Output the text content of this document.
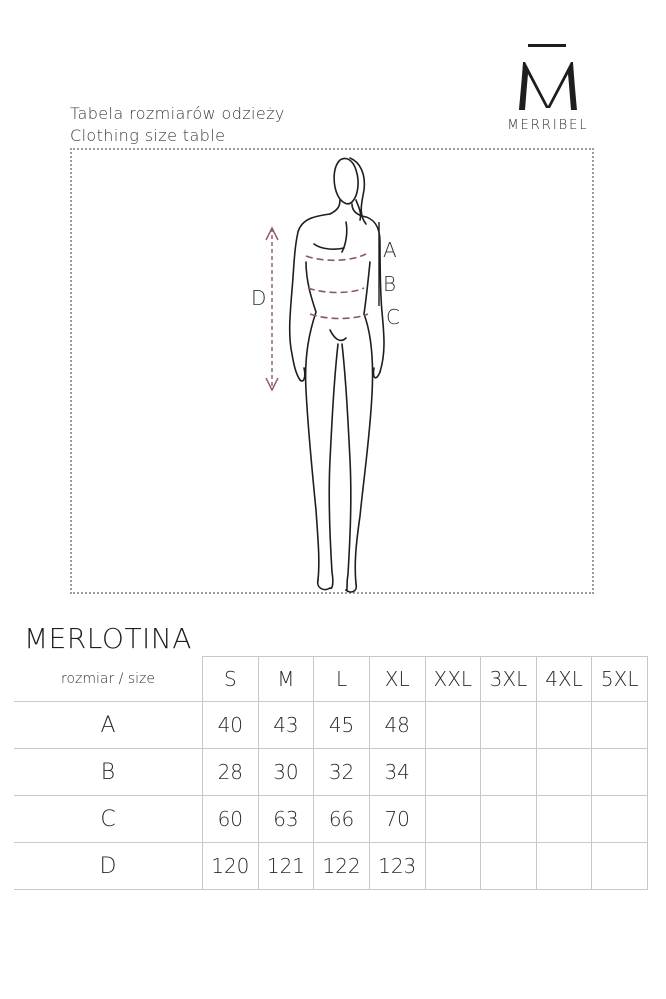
MERRIBEL
Tabela rozmiarów odzieży
Clothing size table
A
B
C
D
MERLOTINA
rozmiar / size	S	M	L	XL	XXL	3XL	4XL	5XL
A	40	43	45	48				
B	28	30	32	34				
C	60	63	66	70				
D	120	121	122	123				
